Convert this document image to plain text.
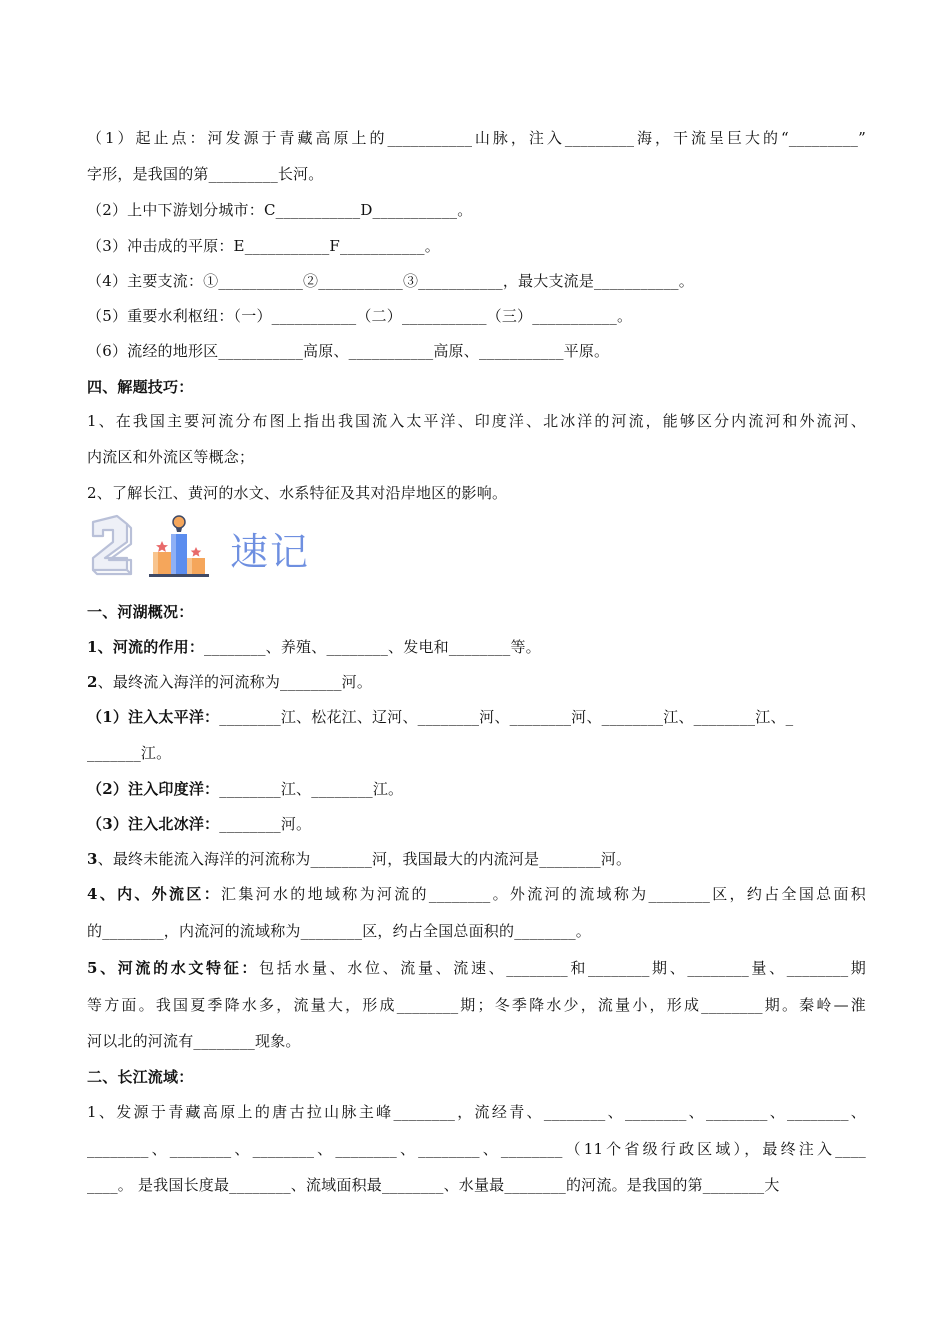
（1）起止点：河发源于青藏高原上的___________山脉，注入_________海，干流呈巨大的“_________”
字形，是我国的第_________长河。
（2）上中下游划分城市：C___________D___________。
（3）冲击成的平原：E___________F___________。
（4）主要支流：①___________②___________③___________，最大支流是___________。
（5）重要水利枢纽：（一）___________（二）___________（三）___________。
（6）流经的地形区___________高原、___________高原、___________平原。
四、解题技巧：
1、在我国主要河流分布图上指出我国流入太平洋、印度洋、北冰洋的河流，能够区分内流河和外流河、
内流区和外流区等概念；
2、了解长江、黄河的水文、水系特征及其对沿岸地区的影响。
速记
一、河湖概况：
1、河流的作用：________、养殖、________、发电和________等。
2、最终流入海洋的河流称为________河。
（1）注入太平洋：________江、松花江、辽河、________河、________河、________江、________江、_
_______江。
（2）注入印度洋：________江、________江。
（3）注入北冰洋：________河。
3、最终未能流入海洋的河流称为________河，我国最大的内流河是________河。
4、内、外流区：汇集河水的地域称为河流的________。外流河的流域称为________区，约占全国总面积
的________，内流河的流域称为________区，约占全国总面积的________。
5、河流的水文特征：包括水量、水位、流量、流速、________和________期、________量、________期
等方面。我国夏季降水多，流量大，形成________期；冬季降水少，流量小，形成________期。秦岭—淮
河以北的河流有________现象。
二、长江流域：
1、发源于青藏高原上的唐古拉山脉主峰________，流经青、________、________、________、________、
________、________、________、________、________、________（11个省级行政区域），最终注入____
____。 是我国长度最________、流域面积最________、水量最________的河流。是我国的第________大
